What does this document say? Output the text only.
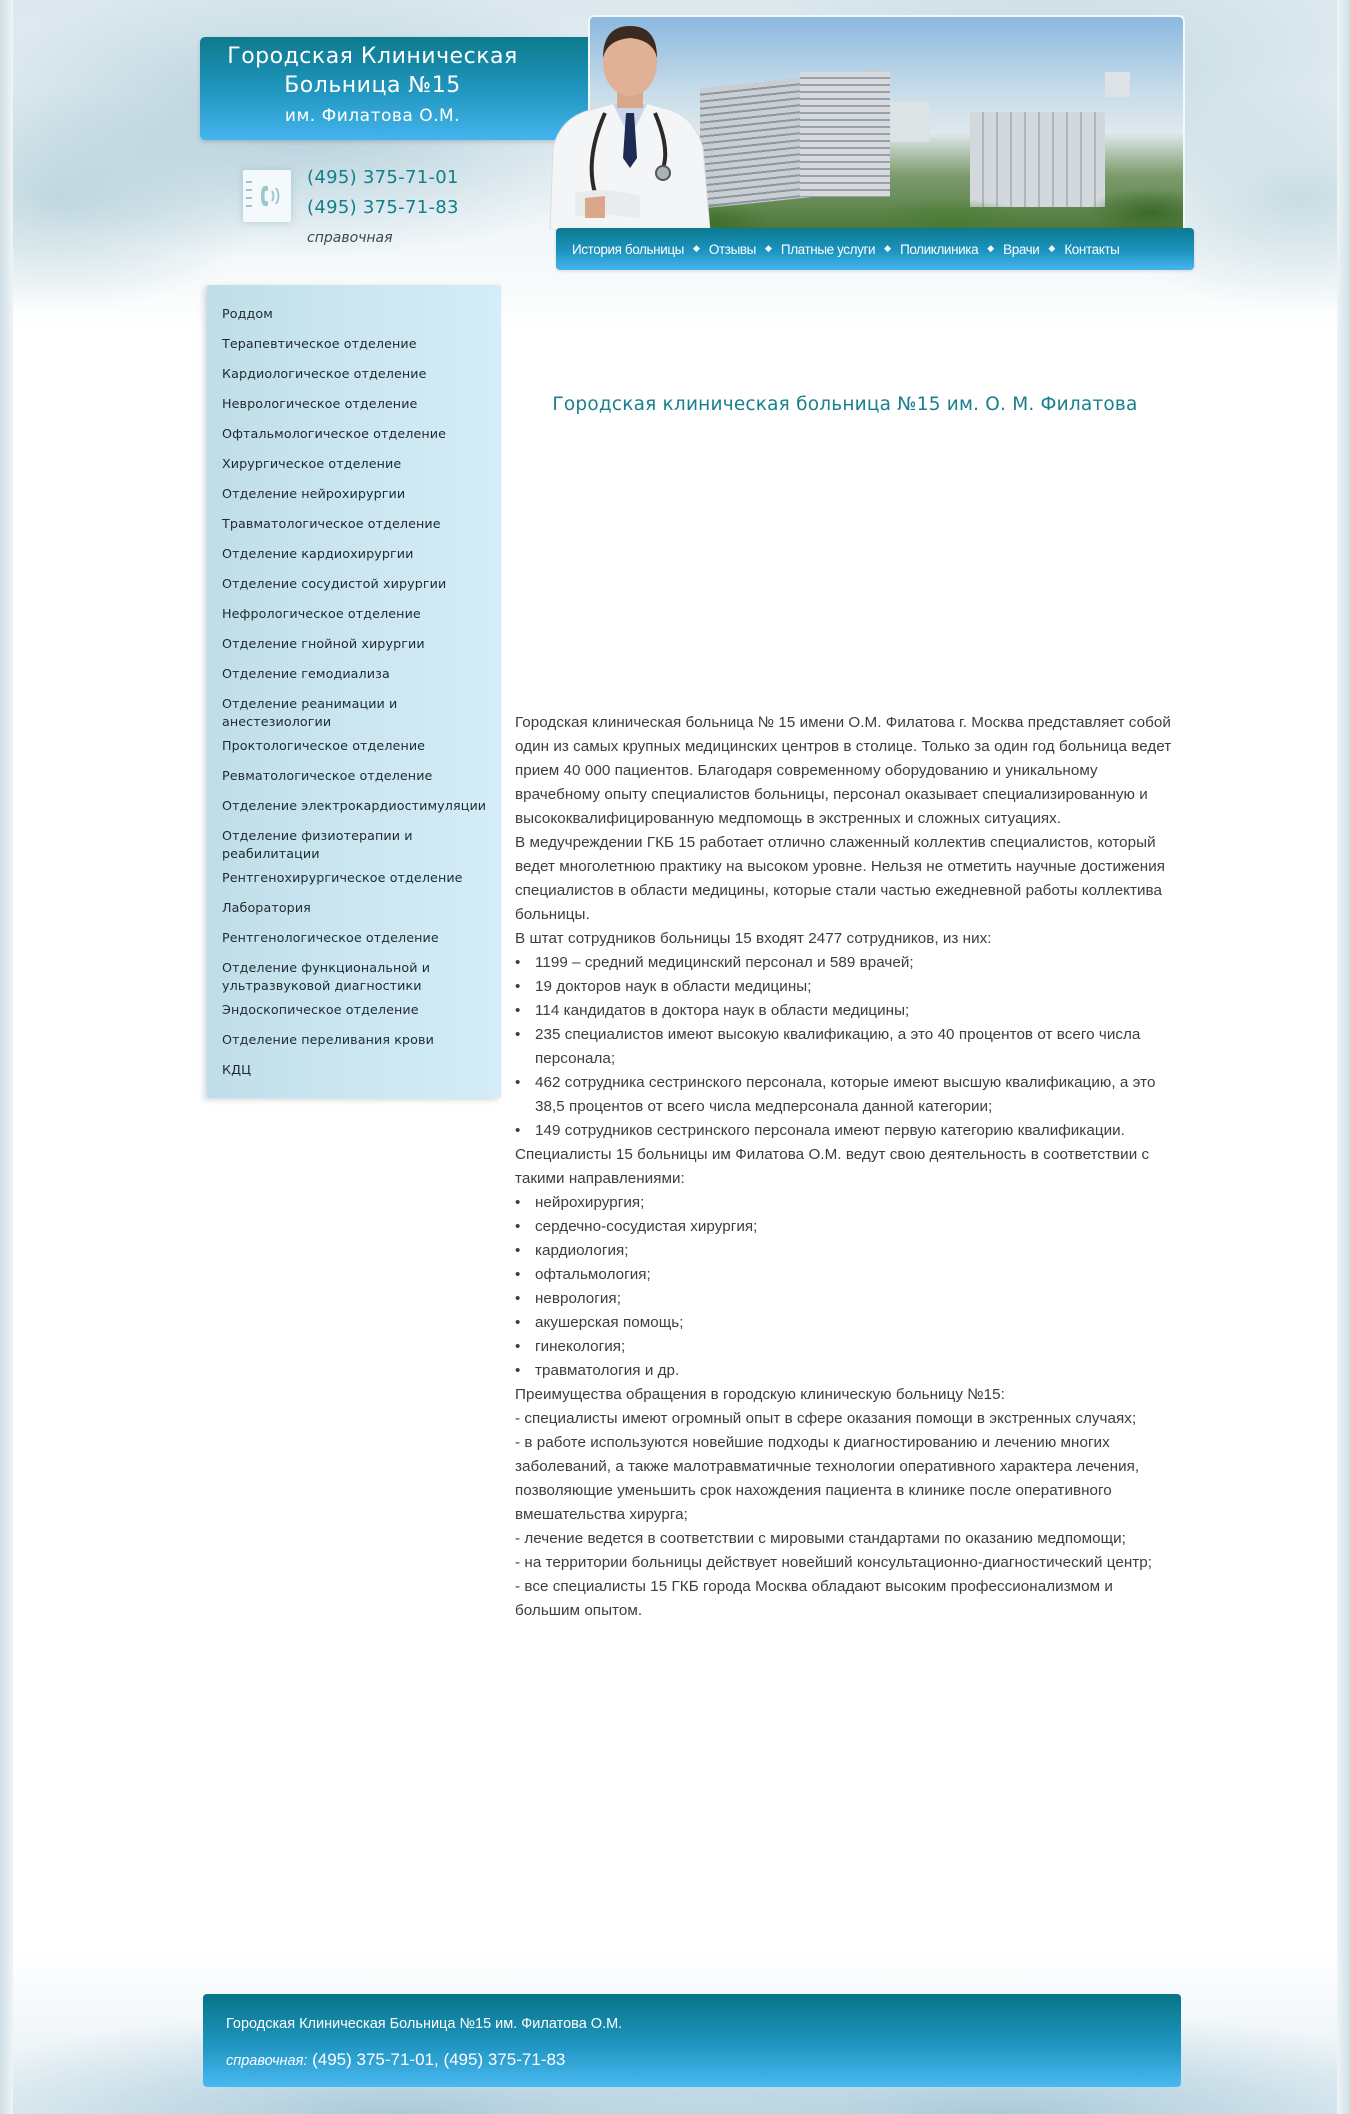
Городская Клиническая
Больница №15
им. Филатова О.М.
(495) 375-71-01
(495) 375-71-83
справочная
История больницы ◆ Отзывы ◆ Платные услуги ◆ Поликлиника ◆ Врачи ◆ Контакты
Роддом
Терапевтическое отделение
Кардиологическое отделение
Неврологическое отделение
Офтальмологическое отделение
Хирургическое отделение
Отделение нейрохирургии
Травматологическое отделение
Отделение кардиохирургии
Отделение сосудистой хирургии
Нефрологическое отделение
Отделение гнойной хирургии
Отделение гемодиализа
Отделение реанимации и анестезиологии
Проктологическое отделение
Ревматологическое отделение
Отделение электрокардиостимуляции
Отделение физиотерапии и реабилитации
Рентгенохирургическое отделение
Лаборатория
Рентгенологическое отделение
Отделение функциональной и ультразвуковой диагностики
Эндоскопическое отделение
Отделение переливания крови
КДЦ
Городская клиническая больница №15 им. О. М. Филатова

Городская клиническая больница № 15 имени О.М. Филатова г. Москва представляет собой один из самых крупных медицинских центров в столице. Только за один год больница ведет прием 40 000 пациентов. Благодаря современному оборудованию и уникальному врачебному опыту специалистов больницы, персонал оказывает специализированную и высококвалифицированную медпомощь в экстренных и сложных ситуациях.

В медучреждении ГКБ 15 работает отлично слаженный коллектив специалистов, который ведет многолетнюю практику на высоком уровне. Нельзя не отметить научные достижения специалистов в области медицины, которые стали частью ежедневной работы коллектива больницы.

В штат сотрудников больницы 15 входят 2477 сотрудников, из них:

• 1199 – средний медицинский персонал и 589 врачей;
• 19 докторов наук в области медицины;
• 114 кандидатов в доктора наук в области медицины;
• 235 специалистов имеют высокую квалификацию, а это 40 процентов от всего числа персонала;
• 462 сотрудника сестринского персонала, которые имеют высшую квалификацию, а это 38,5 процентов от всего числа медперсонала данной категории;
• 149 сотрудников сестринского персонала имеют первую категорию квалификации.

Специалисты 15 больницы им Филатова О.М. ведут свою деятельность в соответствии с такими направлениями:

• нейрохирургия;
• сердечно-сосудистая хирургия;
• кардиология;
• офтальмология;
• неврология;
• акушерская помощь;
• гинекология;
• травматология и др.

Преимущества обращения в городскую клиническую больницу №15:

- специалисты имеют огромный опыт в сфере оказания помощи в экстренных случаях;

- в работе используются новейшие подходы к диагностированию и лечению многих заболеваний, а также малотравматичные технологии оперативного характера лечения, позволяющие уменьшить срок нахождения пациента в клинике после оперативного вмешательства хирурга;

- лечение ведется в соответствии с мировыми стандартами по оказанию медпомощи;

- на территории больницы действует новейший консультационно-диагностический центр;

- все специалисты 15 ГКБ города Москва обладают высоким профессионализмом и большим опытом.

Городская Клиническая Больница №15 им. Филатова О.М.
справочная: (495) 375-71-01, (495) 375-71-83
